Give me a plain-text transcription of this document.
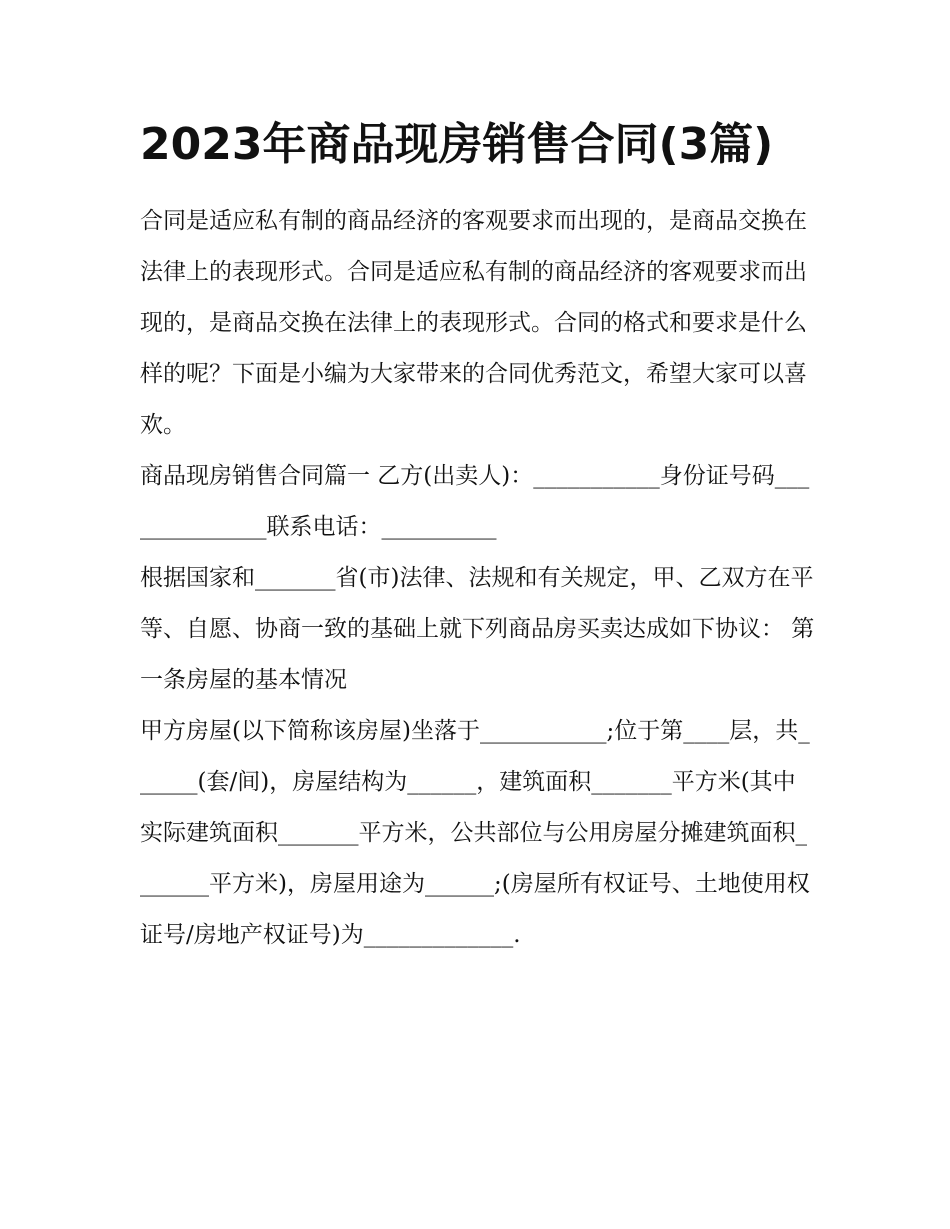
2023年商品现房销售合同(3篇)

合同是适应私有制的商品经济的客观要求而出现的，是商品交换在法律上的表现形式。合同是适应私有制的商品经济的客观要求而出现的，是商品交换在法律上的表现形式。合同的格式和要求是什么样的呢？下面是小编为大家带来的合同优秀范文，希望大家可以喜欢。

商品现房销售合同篇一 乙方(出卖人)：___________身份证号码______________联系电话：__________

根据国家和_______省(市)法律、法规和有关规定，甲、乙双方在平等、自愿、协商一致的基础上就下列商品房买卖达成如下协议： 第一条房屋的基本情况

甲方房屋(以下简称该房屋)坐落于___________;位于第____层，共______(套/间)，房屋结构为______，建筑面积_______平方米(其中实际建筑面积_______平方米，公共部位与公用房屋分摊建筑面积_______平方米)，房屋用途为______;(房屋所有权证号、土地使用权证号/房地产权证号)为_____________.
